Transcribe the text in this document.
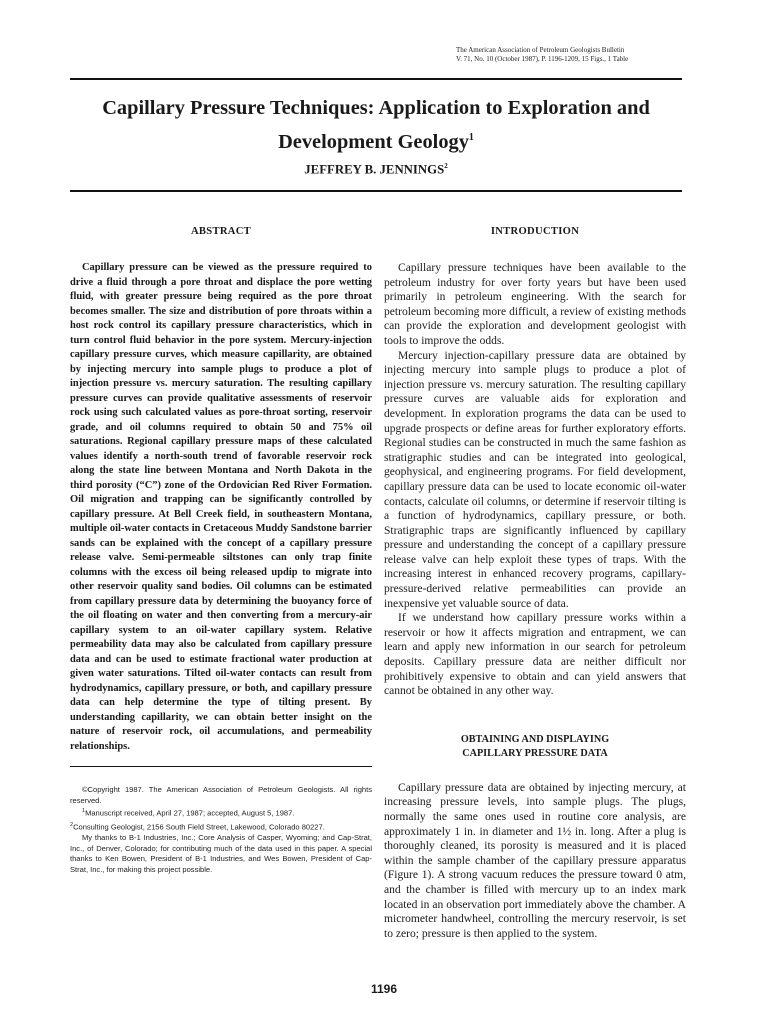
The American Association of Petroleum Geologists Bulletin
V. 71, No. 10 (October 1987), P. 1196-1209, 15 Figs., 1 Table
Capillary Pressure Techniques: Application to Exploration and
Development Geology$^1$
JEFFREY B. JENNINGS$^2$
ABSTRACT
Capillary pressure can be viewed as the pressure required to drive a fluid through a pore throat and displace the pore wetting fluid, with greater pressure being required as the pore throat becomes smaller. The size and distribution of pore throats within a host rock control its capillary pressure characteristics, which in turn control fluid behavior in the pore system. Mercury-injection capillary pressure curves, which measure capillarity, are obtained by injecting mercury into sample plugs to produce a plot of injection pressure vs. mercury saturation. The resulting capillary pressure curves can provide qualitative assessments of reservoir rock using such calculated values as pore-throat sorting, reservoir grade, and oil columns required to obtain 50 and 75% oil saturations. Regional capillary pressure maps of these calculated values identify a north-south trend of favorable reservoir rock along the state line between Montana and North Dakota in the third porosity (“C”) zone of the Ordovician Red River Formation. Oil migration and trapping can be significantly controlled by capillary pressure. At Bell Creek field, in southeastern Montana, multiple oil-water contacts in Cretaceous Muddy Sandstone barrier sands can be explained with the concept of a capillary pressure release valve. Semi-permeable siltstones can only trap finite columns with the excess oil being released updip to migrate into other reservoir quality sand bodies. Oil columns can be estimated from capillary pressure data by determining the buoyancy force of the oil floating on water and then converting from a mercury-air capillary system to an oil-water capillary system. Relative permeability data may also be calculated from capillary pressure data and can be used to estimate fractional water production at given water saturations. Tilted oil-water contacts can result from hydrodynamics, capillary pressure, or both, and capillary pressure data can help determine the type of tilting present. By understanding capillarity, we can obtain better insight on the nature of reservoir rock, oil accumulations, and permeability relationships.

©Copyright 1987. The American Association of Petroleum Geologists. All rights reserved.

$^1$Manuscript received, April 27, 1987; accepted, August 5, 1987.

$^2$Consulting Geologist, 2156 South Field Street, Lakewood, Colorado 80227.

My thanks to B-1 Industries, Inc.; Core Analysis of Casper, Wyoming; and Cap-Strat, Inc., of Denver, Colorado; for contributing much of the data used in this paper. A special thanks to Ken Bowen, President of B-1 Industries, and Wes Bowen, President of Cap-Strat, Inc., for making this project possible.

INTRODUCTION

Capillary pressure techniques have been available to the petroleum industry for over forty years but have been used primarily in petroleum engineering. With the search for petroleum becoming more difficult, a review of existing methods can provide the exploration and development geologist with tools to improve the odds.

Mercury injection-capillary pressure data are obtained by injecting mercury into sample plugs to produce a plot of injection pressure vs. mercury saturation. The resulting capillary pressure curves are valuable aids for exploration and development. In exploration programs the data can be used to upgrade prospects or define areas for further exploratory efforts. Regional studies can be constructed in much the same fashion as stratigraphic studies and can be integrated into geological, geophysical, and engineering programs. For field development, capillary pressure data can be used to locate economic oil-water contacts, calculate oil columns, or determine if reservoir tilting is a function of hydrodynamics, capillary pressure, or both. Stratigraphic traps are significantly influenced by capillary pressure and understanding the concept of a capillary pressure release valve can help exploit these types of traps. With the increasing interest in enhanced recovery programs, capillary-pressure-derived relative permeabilities can provide an inexpensive yet valuable source of data.

If we understand how capillary pressure works within a reservoir or how it affects migration and entrapment, we can learn and apply new information in our search for petroleum deposits. Capillary pressure data are neither difficult nor prohibitively expensive to obtain and can yield answers that cannot be obtained in any other way.

OBTAINING AND DISPLAYING
CAPILLARY PRESSURE DATA

Capillary pressure data are obtained by injecting mercury, at increasing pressure levels, into sample plugs. The plugs, normally the same ones used in routine core analysis, are approximately 1 in. in diameter and 1½ in. long. After a plug is thoroughly cleaned, its porosity is measured and it is placed within the sample chamber of the capillary pressure apparatus (Figure 1). A strong vacuum reduces the pressure toward 0 atm, and the chamber is filled with mercury up to an index mark located in an observation port immediately above the chamber. A micrometer handwheel, controlling the mercury reservoir, is set to zero; pressure is then applied to the system.

1196
